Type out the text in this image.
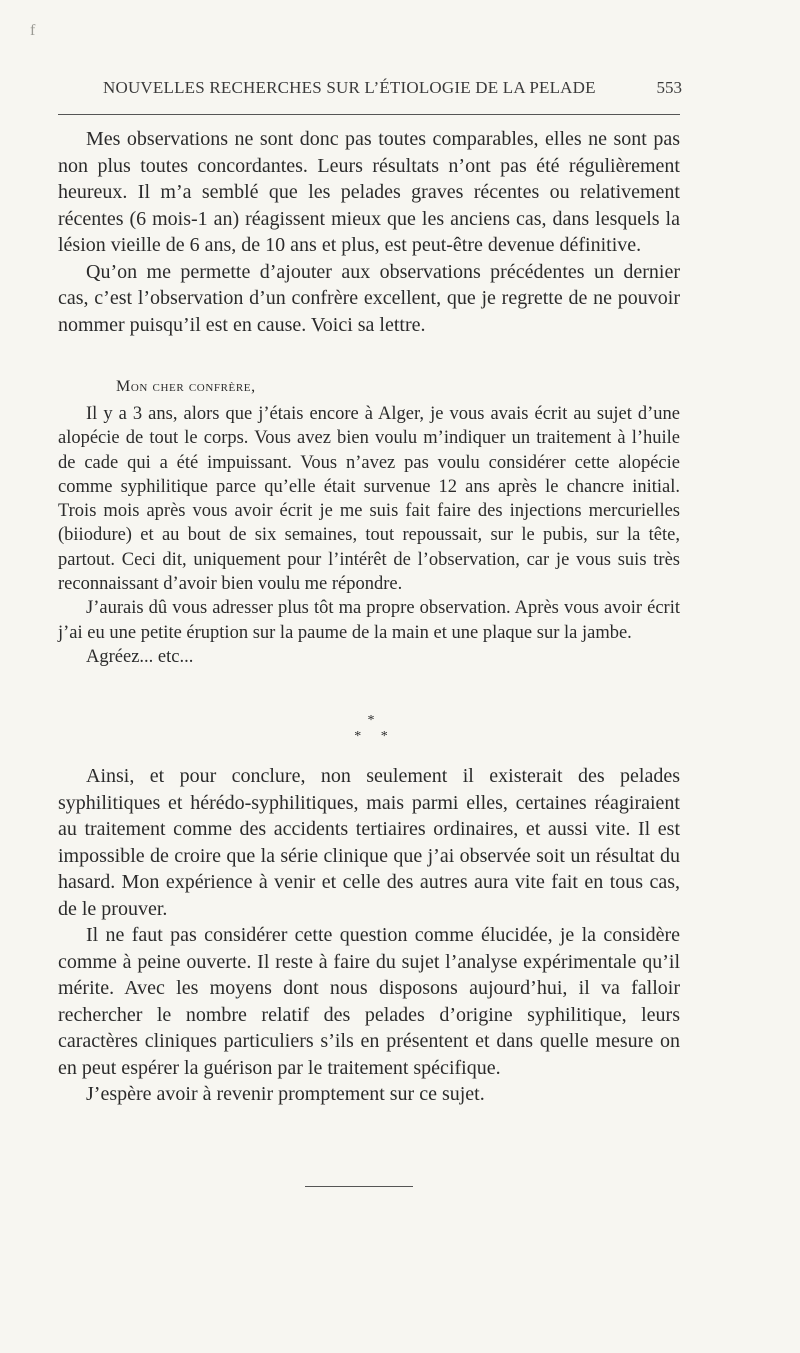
f
NOUVELLES RECHERCHES SUR L’ÉTIOLOGIE DE LA PELADE	553

Mes observations ne sont donc pas toutes comparables, elles ne sont pas non plus toutes concordantes. Leurs résultats n’ont pas été régulièrement heureux. Il m’a semblé que les pelades graves récentes ou relativement récentes (6 mois-1 an) réagissent mieux que les anciens cas, dans lesquels la lésion vieille de 6 ans, de 10 ans et plus, est peut-être devenue définitive.

Qu’on me permette d’ajouter aux observations précédentes un dernier cas, c’est l’observation d’un confrère excellent, que je regrette de ne pouvoir nommer puisqu’il est en cause. Voici sa lettre.

Mon cher confrère,

Il y a 3 ans, alors que j’étais encore à Alger, je vous avais écrit au sujet d’une alopécie de tout le corps. Vous avez bien voulu m’indiquer un traitement à l’huile de cade qui a été impuissant. Vous n’avez pas voulu considérer cette alopécie comme syphilitique parce qu’elle était survenue 12 ans après le chancre initial. Trois mois après vous avoir écrit je me suis fait faire des injections mercurielles (biiodure) et au bout de six semaines, tout repoussait, sur le pubis, sur la tête, partout. Ceci dit, uniquement pour l’intérêt de l’observation, car je vous suis très reconnaissant d’avoir bien voulu me répondre.

J’aurais dû vous adresser plus tôt ma propre observation. Après vous avoir écrit j’ai eu une petite éruption sur la paume de la main et une plaque sur la jambe.

Agréez... etc...

*
* *

Ainsi, et pour conclure, non seulement il existerait des pelades syphilitiques et hérédo-syphilitiques, mais parmi elles, certaines réagiraient au traitement comme des accidents tertiaires ordinaires, et aussi vite. Il est impossible de croire que la série clinique que j’ai observée soit un résultat du hasard. Mon expérience à venir et celle des autres aura vite fait en tous cas, de le prouver.

Il ne faut pas considérer cette question comme élucidée, je la considère comme à peine ouverte. Il reste à faire du sujet l’analyse expérimentale qu’il mérite. Avec les moyens dont nous disposons aujourd’hui, il va falloir rechercher le nombre relatif des pelades d’origine syphilitique, leurs caractères cliniques particuliers s’ils en présentent et dans quelle mesure on en peut espérer la guérison par le traitement spécifique.

J’espère avoir à revenir promptement sur ce sujet.
